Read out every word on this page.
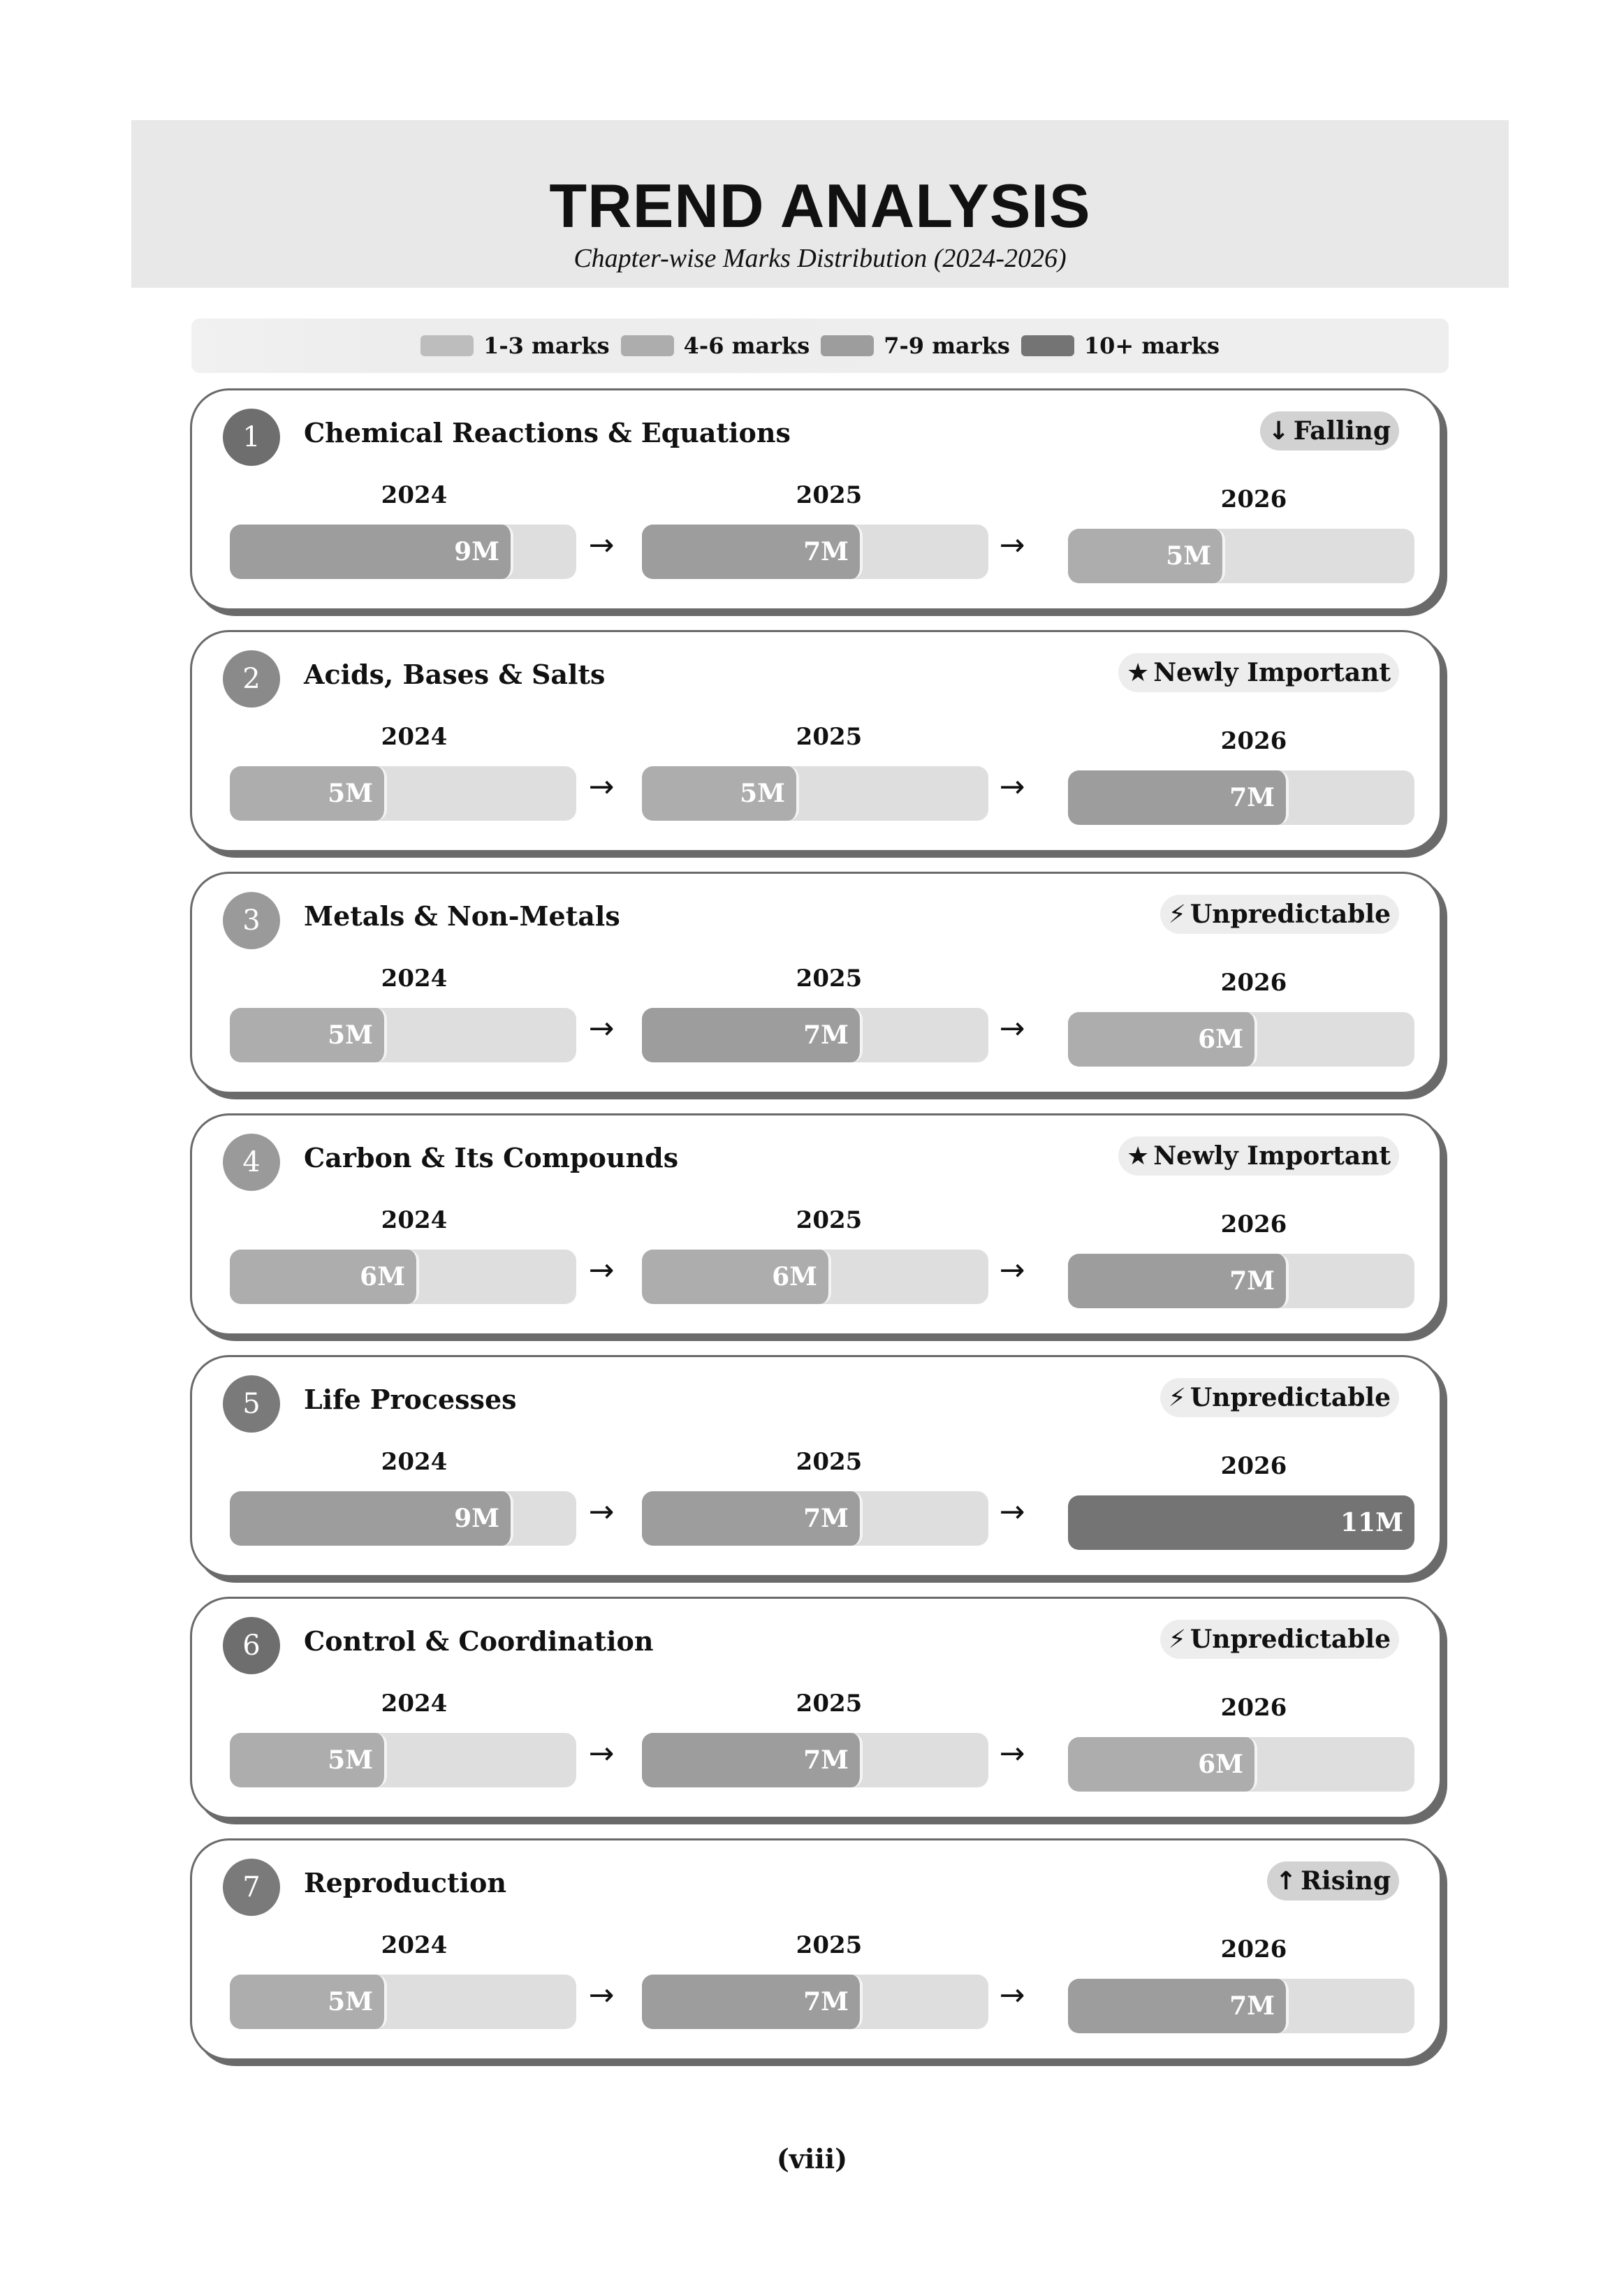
TREND ANALYSIS
Chapter-wise Marks Distribution (2024-2026)
1-3 marks	4-6 marks	7-9 marks	10+ marks
1	Chemical Reactions & Equations	↓ Falling
2024
9M
2025
7M
2026
5M
→	→
2	Acids, Bases & Salts	★ Newly Important
2024
5M
2025
5M
2026
7M
→	→
3	Metals & Non-Metals	⚡ Unpredictable
2024
5M
2025
7M
2026
6M
→	→
4	Carbon & Its Compounds	★ Newly Important
2024
6M
2025
6M
2026
7M
→	→
5	Life Processes	⚡ Unpredictable
2024
9M
2025
7M
2026
11M
→	→
6	Control & Coordination	⚡ Unpredictable
2024
5M
2025
7M
2026
6M
→	→
7	Reproduction	↑ Rising
2024
5M
2025
7M
2026
7M
→	→
(viii)
